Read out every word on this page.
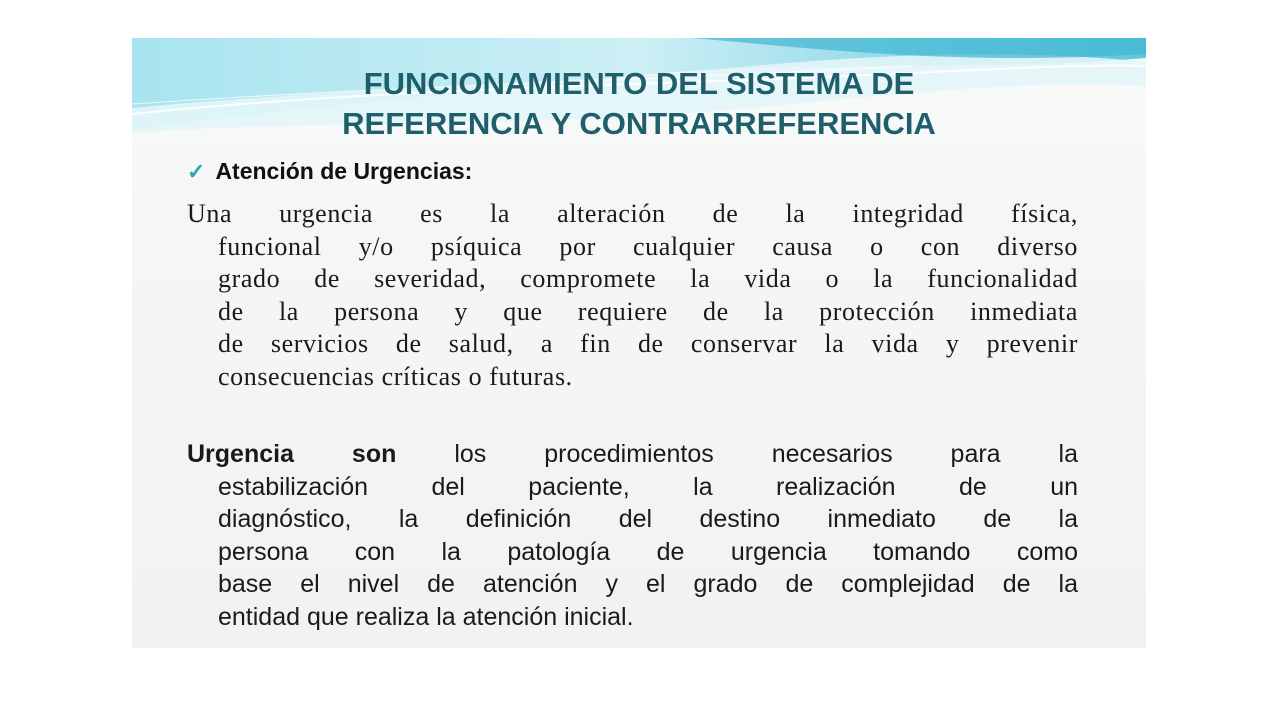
FUNCIONAMIENTO DEL SISTEMA DE
REFERENCIA Y CONTRARREFERENCIA
✓ Atención de Urgencias:
Una urgencia es la alteración de la integridad física,
funcional y/o psíquica por cualquier causa o con diverso
grado de severidad, compromete la vida o la funcionalidad
de la persona y que requiere de la protección inmediata
de servicios de salud, a fin de conservar la vida y prevenir
consecuencias críticas o futuras.
Urgencia son los procedimientos necesarios para la
estabilización del paciente, la realización de un
diagnóstico, la definición del destino inmediato de la
persona con la patología de urgencia tomando como
base el nivel de atención y el grado de complejidad de la
entidad que realiza la atención inicial.
